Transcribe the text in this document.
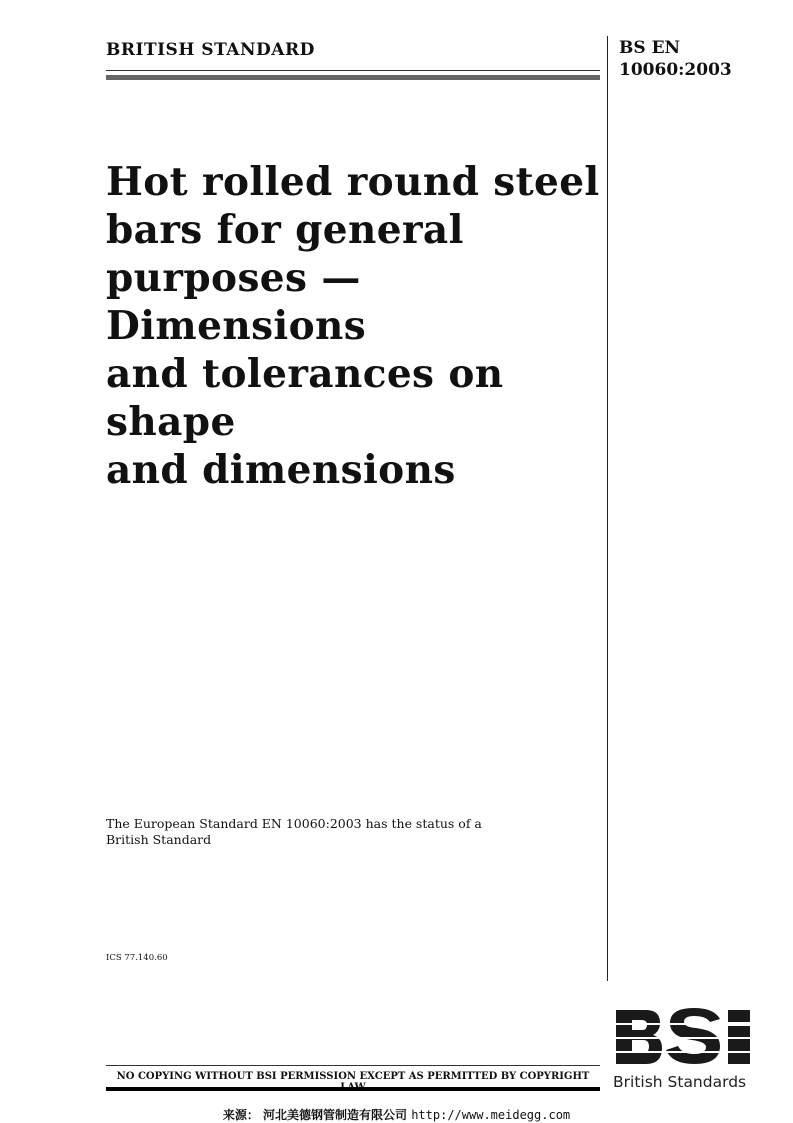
BRITISH STANDARD	BS EN
10060:2003
Hot rolled round steel
bars for general
purposes — Dimensions
and tolerances on shape
and dimensions
The European Standard EN 10060:2003 has the status of a
British Standard
ICS 77.140.60
NO COPYING WITHOUT BSI PERMISSION EXCEPT AS PERMITTED BY COPYRIGHT	British Standards
来源： 河北美德钢管制造有限公司 http://www.meidegg.com
